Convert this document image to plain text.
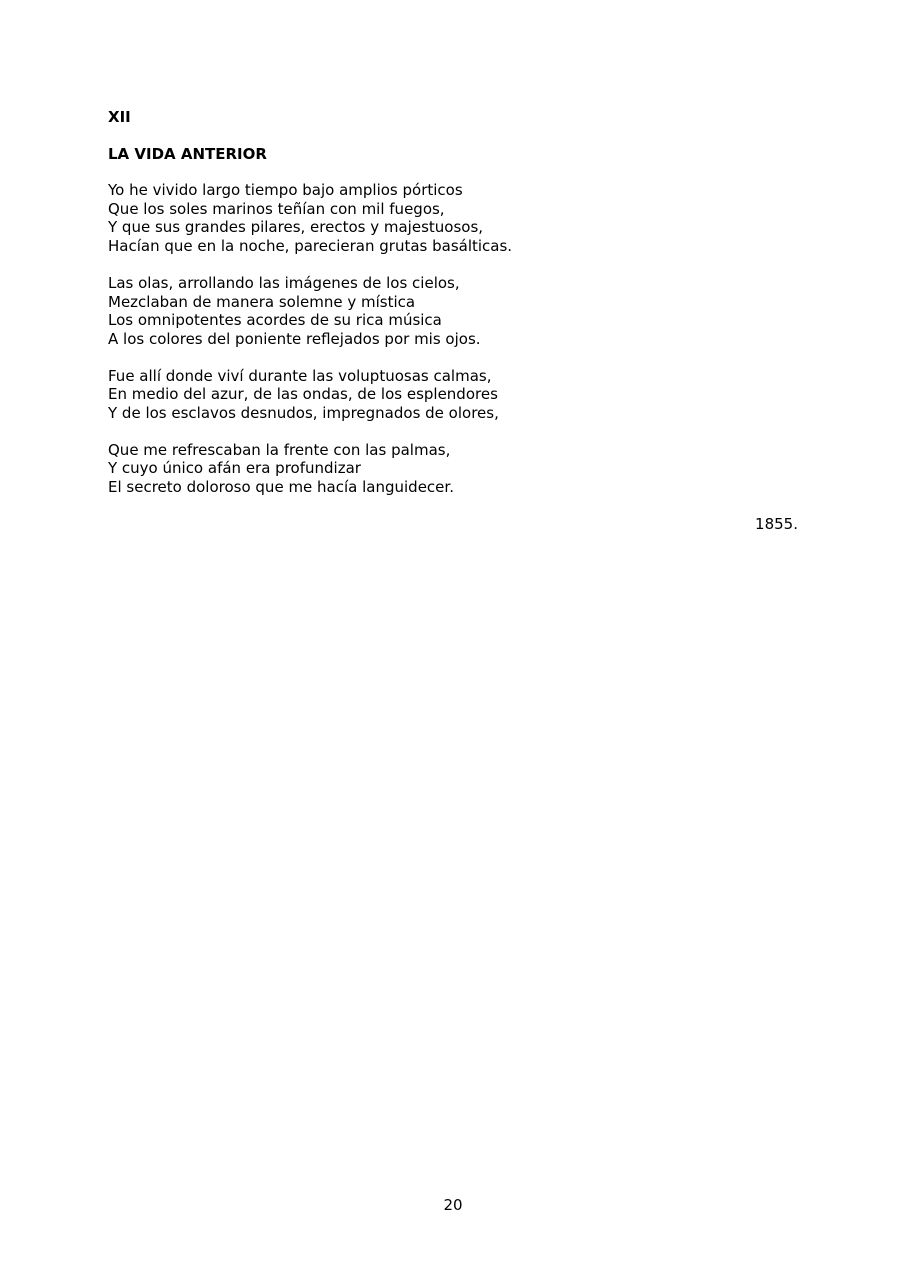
XII
LA VIDA ANTERIOR
Yo he vivido largo tiempo bajo amplios pórticos
Que los soles marinos teñían con mil fuegos,
Y que sus grandes pilares, erectos y majestuosos,
Hacían que en la noche, parecieran grutas basálticas.
Las olas, arrollando las imágenes de los cielos,
Mezclaban de manera solemne y mística
Los omnipotentes acordes de su rica música
A los colores del poniente reflejados por mis ojos.
Fue allí donde viví durante las voluptuosas calmas,
En medio del azur, de las ondas, de los esplendores
Y de los esclavos desnudos, impregnados de olores,
Que me refrescaban la frente con las palmas,
Y cuyo único afán era profundizar
El secreto doloroso que me hacía languidecer.
1855.
20
